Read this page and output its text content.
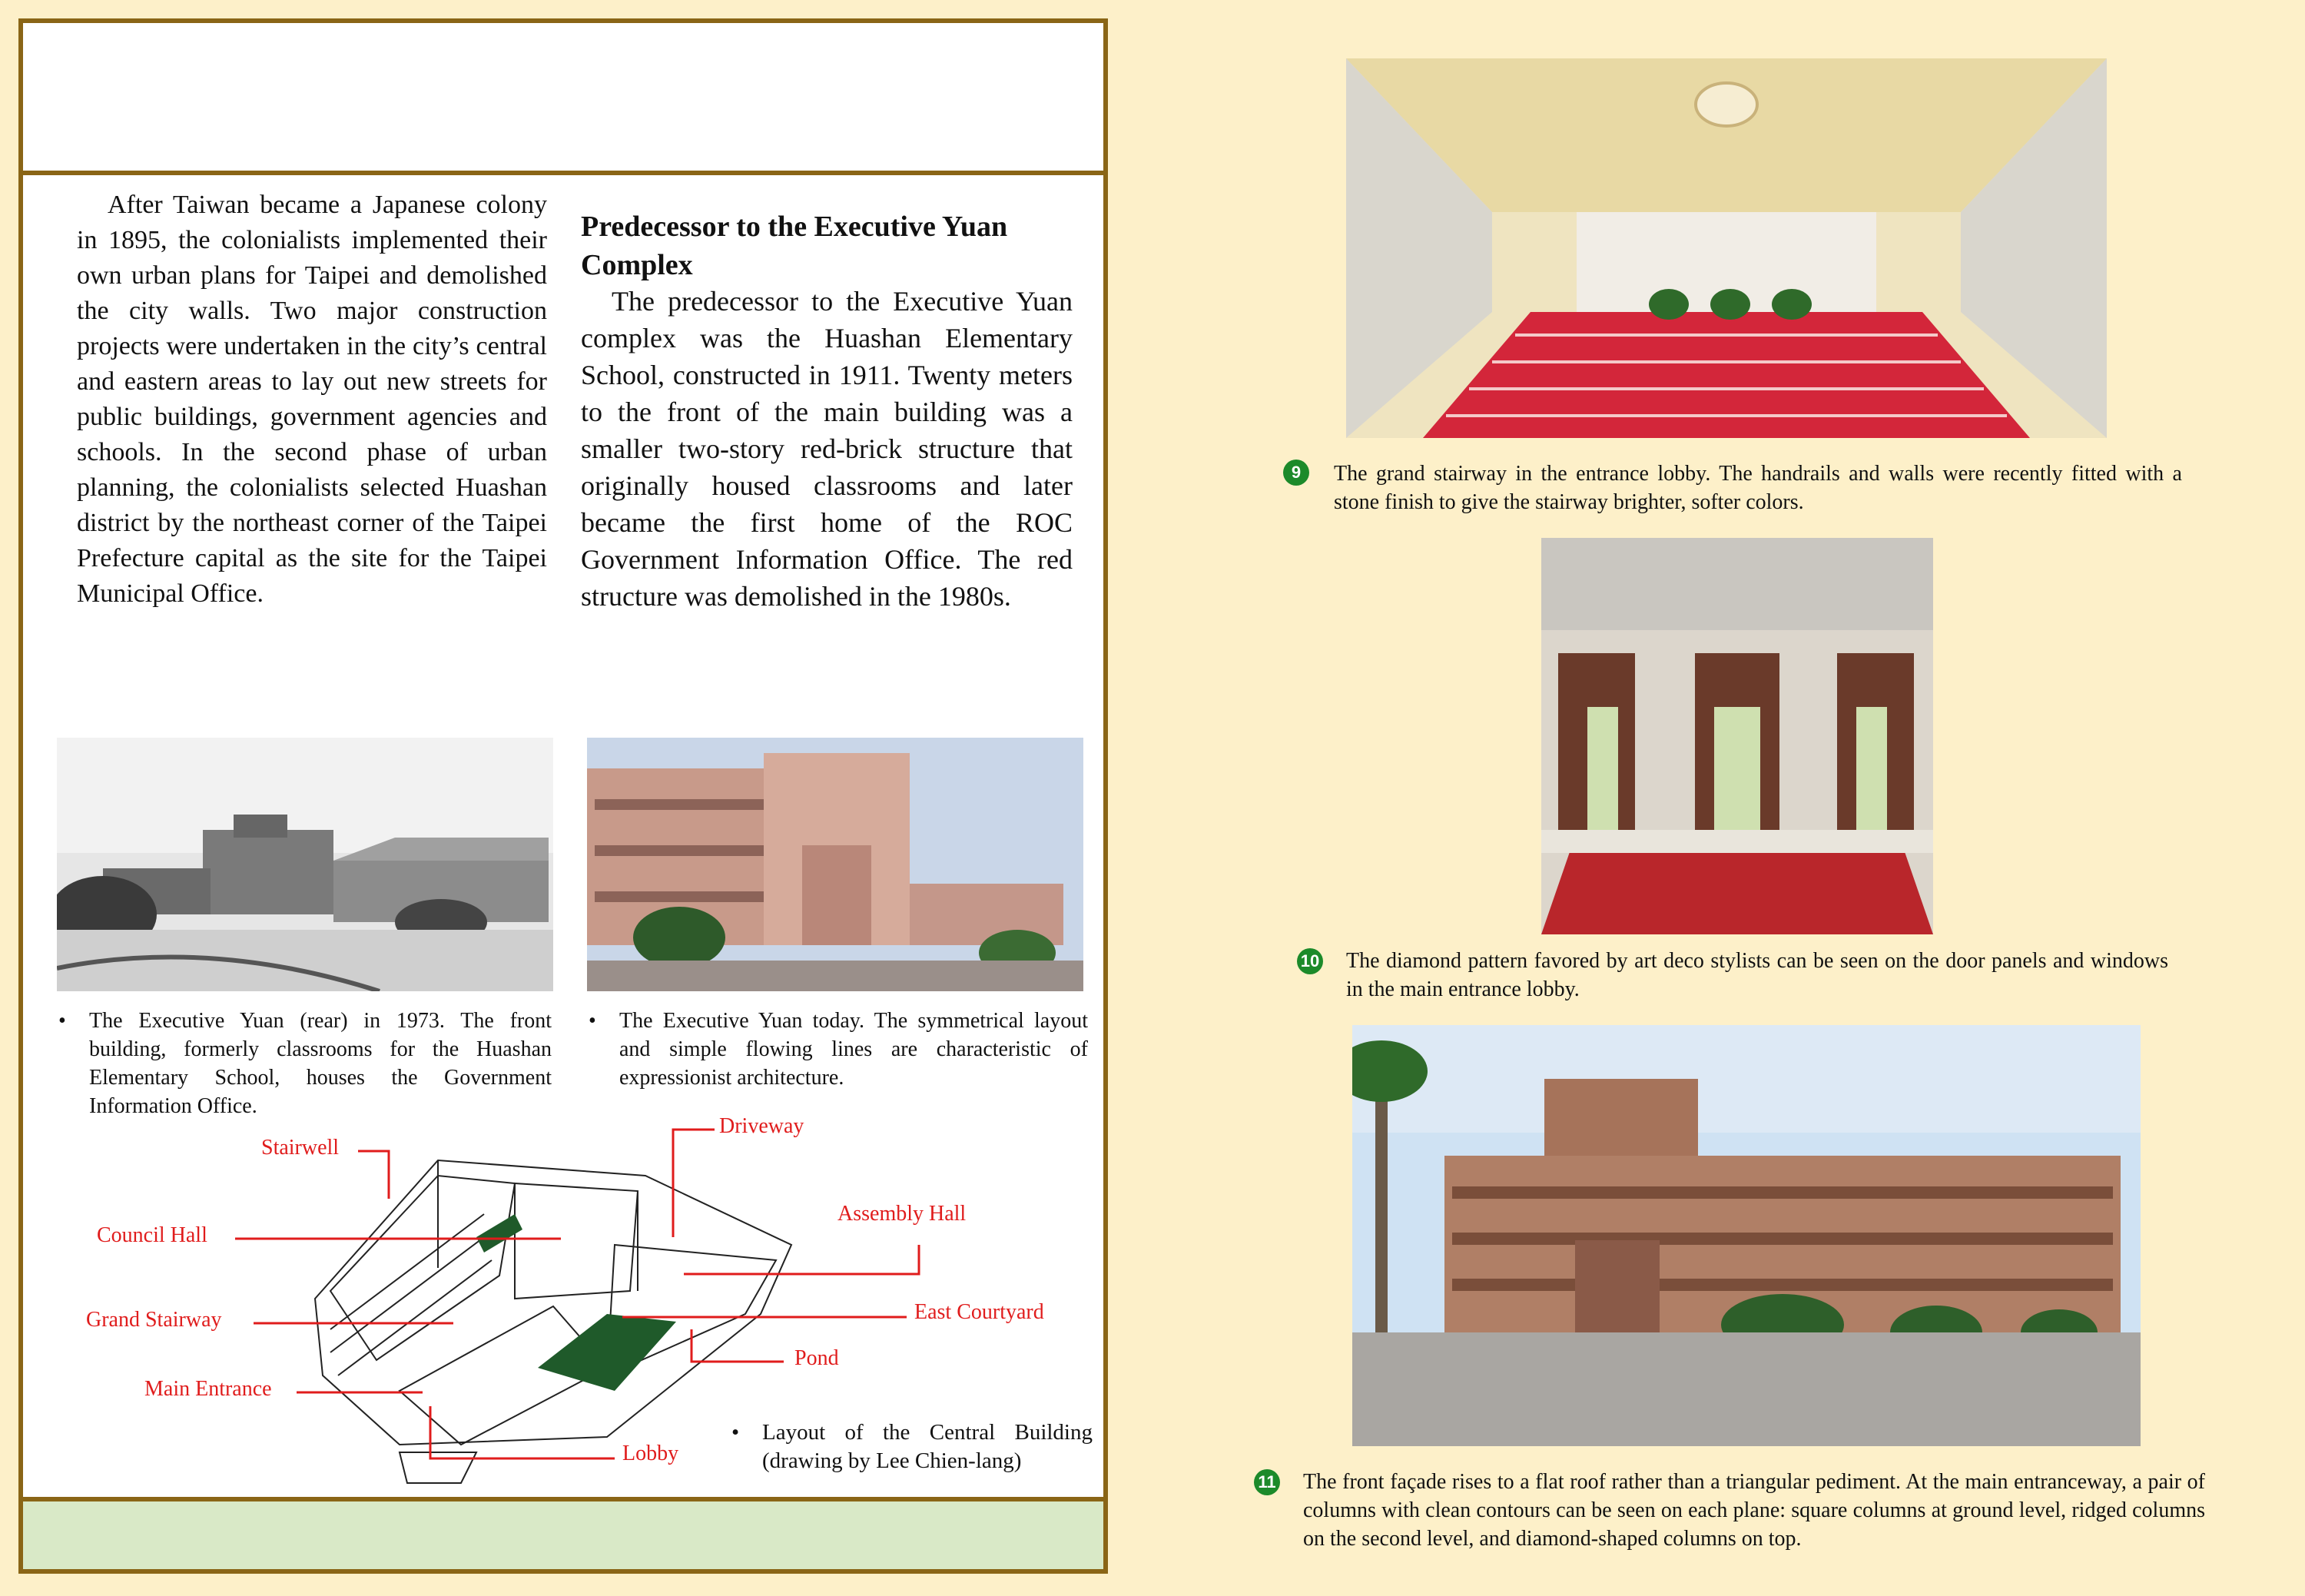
After Taiwan became a Japanese colony in 1895, the colonialists implemented their own urban plans for Taipei and demolished the city walls. Two major construction projects were undertaken in the city’s central and eastern areas to lay out new streets for public buildings, government agencies and schools. In the second phase of urban planning, the colonialists selected Huashan district by the northeast corner of the Taipei Prefecture capital as the site for the Taipei Municipal Office.

Predecessor to the Executive Yuan Complex

The predecessor to the Executive Yuan complex was the Huashan Elementary School, constructed in 1911. Twenty meters to the front of the main building was a smaller two-story red-brick structure that originally housed classrooms and later became the first home of the ROC Government Information Office. The red structure was demolished in the 1980s.

• The Executive Yuan (rear) in 1973. The front building, formerly classrooms for the Huashan Elementary School, houses the Government Information Office.
• The Executive Yuan today. The symmetrical layout and simple flowing lines are characteristic of expressionist architecture.
Stairwell
Driveway
Assembly Hall
Council Hall
East Courtyard
Grand Stairway
Pond
Main Entrance
Lobby
• Layout of the Central Building (drawing by Lee Chien-lang)
9	The grand stairway in the entrance lobby. The handrails and walls were recently fitted with a stone finish to give the stairway brighter, softer colors.
10 The diamond pattern favored by art deco stylists can be seen on the door panels and windows in the main entrance lobby.
11 The front façade rises to a flat roof rather than a triangular pediment. At the main entranceway, a pair of columns with clean contours can be seen on each plane: square columns at ground level, ridged columns on the second level, and diamond-shaped columns on top.
